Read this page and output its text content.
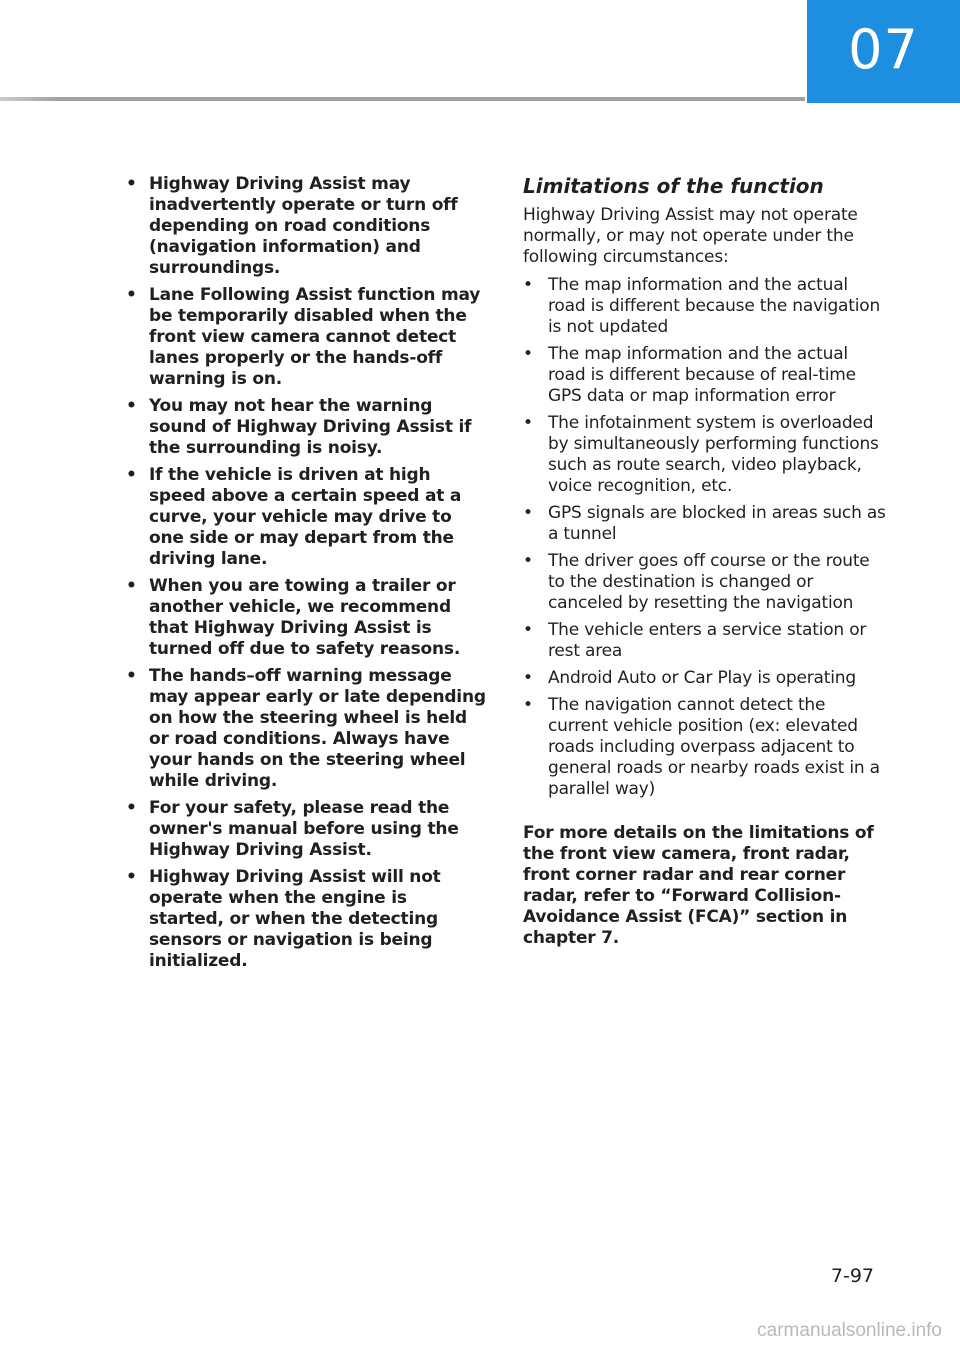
07
• Highway Driving Assist may inadvertently operate or turn off depending on road conditions (navigation information) and surroundings.
• Lane Following Assist function may be temporarily disabled when the front view camera cannot detect lanes properly or the hands-off warning is on.
• You may not hear the warning sound of Highway Driving Assist if the surrounding is noisy.
• If the vehicle is driven at high speed above a certain speed at a curve, your vehicle may drive to one side or may depart from the driving lane.
• When you are towing a trailer or another vehicle, we recommend that Highway Driving Assist is turned off due to safety reasons.
• The hands–off warning message may appear early or late depending on how the steering wheel is held or road conditions. Always have your hands on the steering wheel while driving.
• For your safety, please read the owner's manual before using the Highway Driving Assist.
• Highway Driving Assist will not operate when the engine is started, or when the detecting sensors or navigation is being initialized.
Limitations of the function
Highway Driving Assist may not operate normally, or may not operate under the following circumstances:
• The map information and the actual road is different because the navigation is not updated
• The map information and the actual road is different because of real-time GPS data or map information error
• The infotainment system is overloaded by simultaneously performing functions such as route search, video playback, voice recognition, etc.
• GPS signals are blocked in areas such as a tunnel
• The driver goes off course or the route to the destination is changed or canceled by resetting the navigation
• The vehicle enters a service station or rest area
• Android Auto or Car Play is operating
• The navigation cannot detect the current vehicle position (ex: elevated roads including overpass adjacent to general roads or nearby roads exist in a parallel way)
For more details on the limitations of the front view camera, front radar, front corner radar and rear corner radar, refer to “Forward Collision-Avoidance Assist (FCA)” section in chapter 7.
7-97
carmanualsonline.info
